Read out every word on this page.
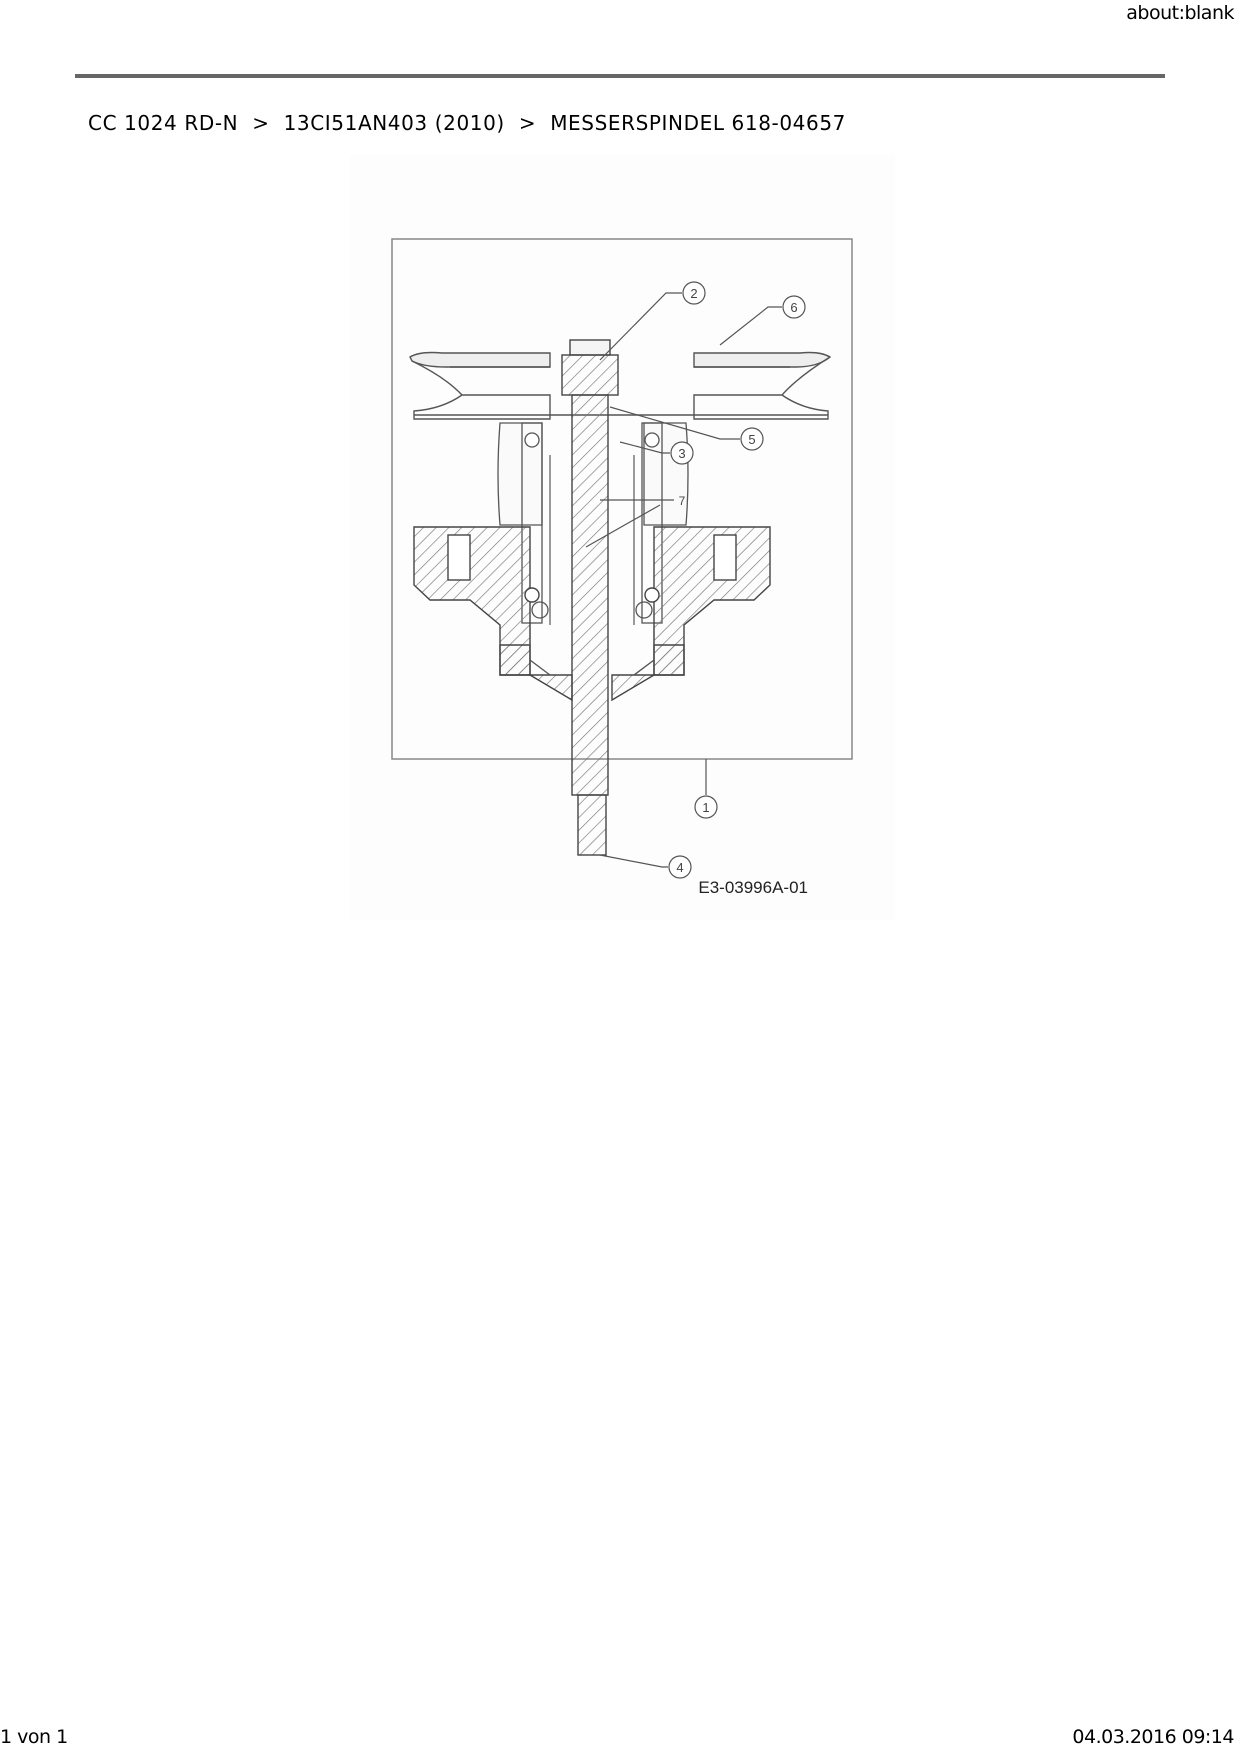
about:blank
CC 1024 RD-N > 13CI51AN403 (2010) > MESSERSPINDEL 618-04657
2
6
5
3
7
4
1
E3-03996A-01
1 von 1	04.03.2016 09:14
